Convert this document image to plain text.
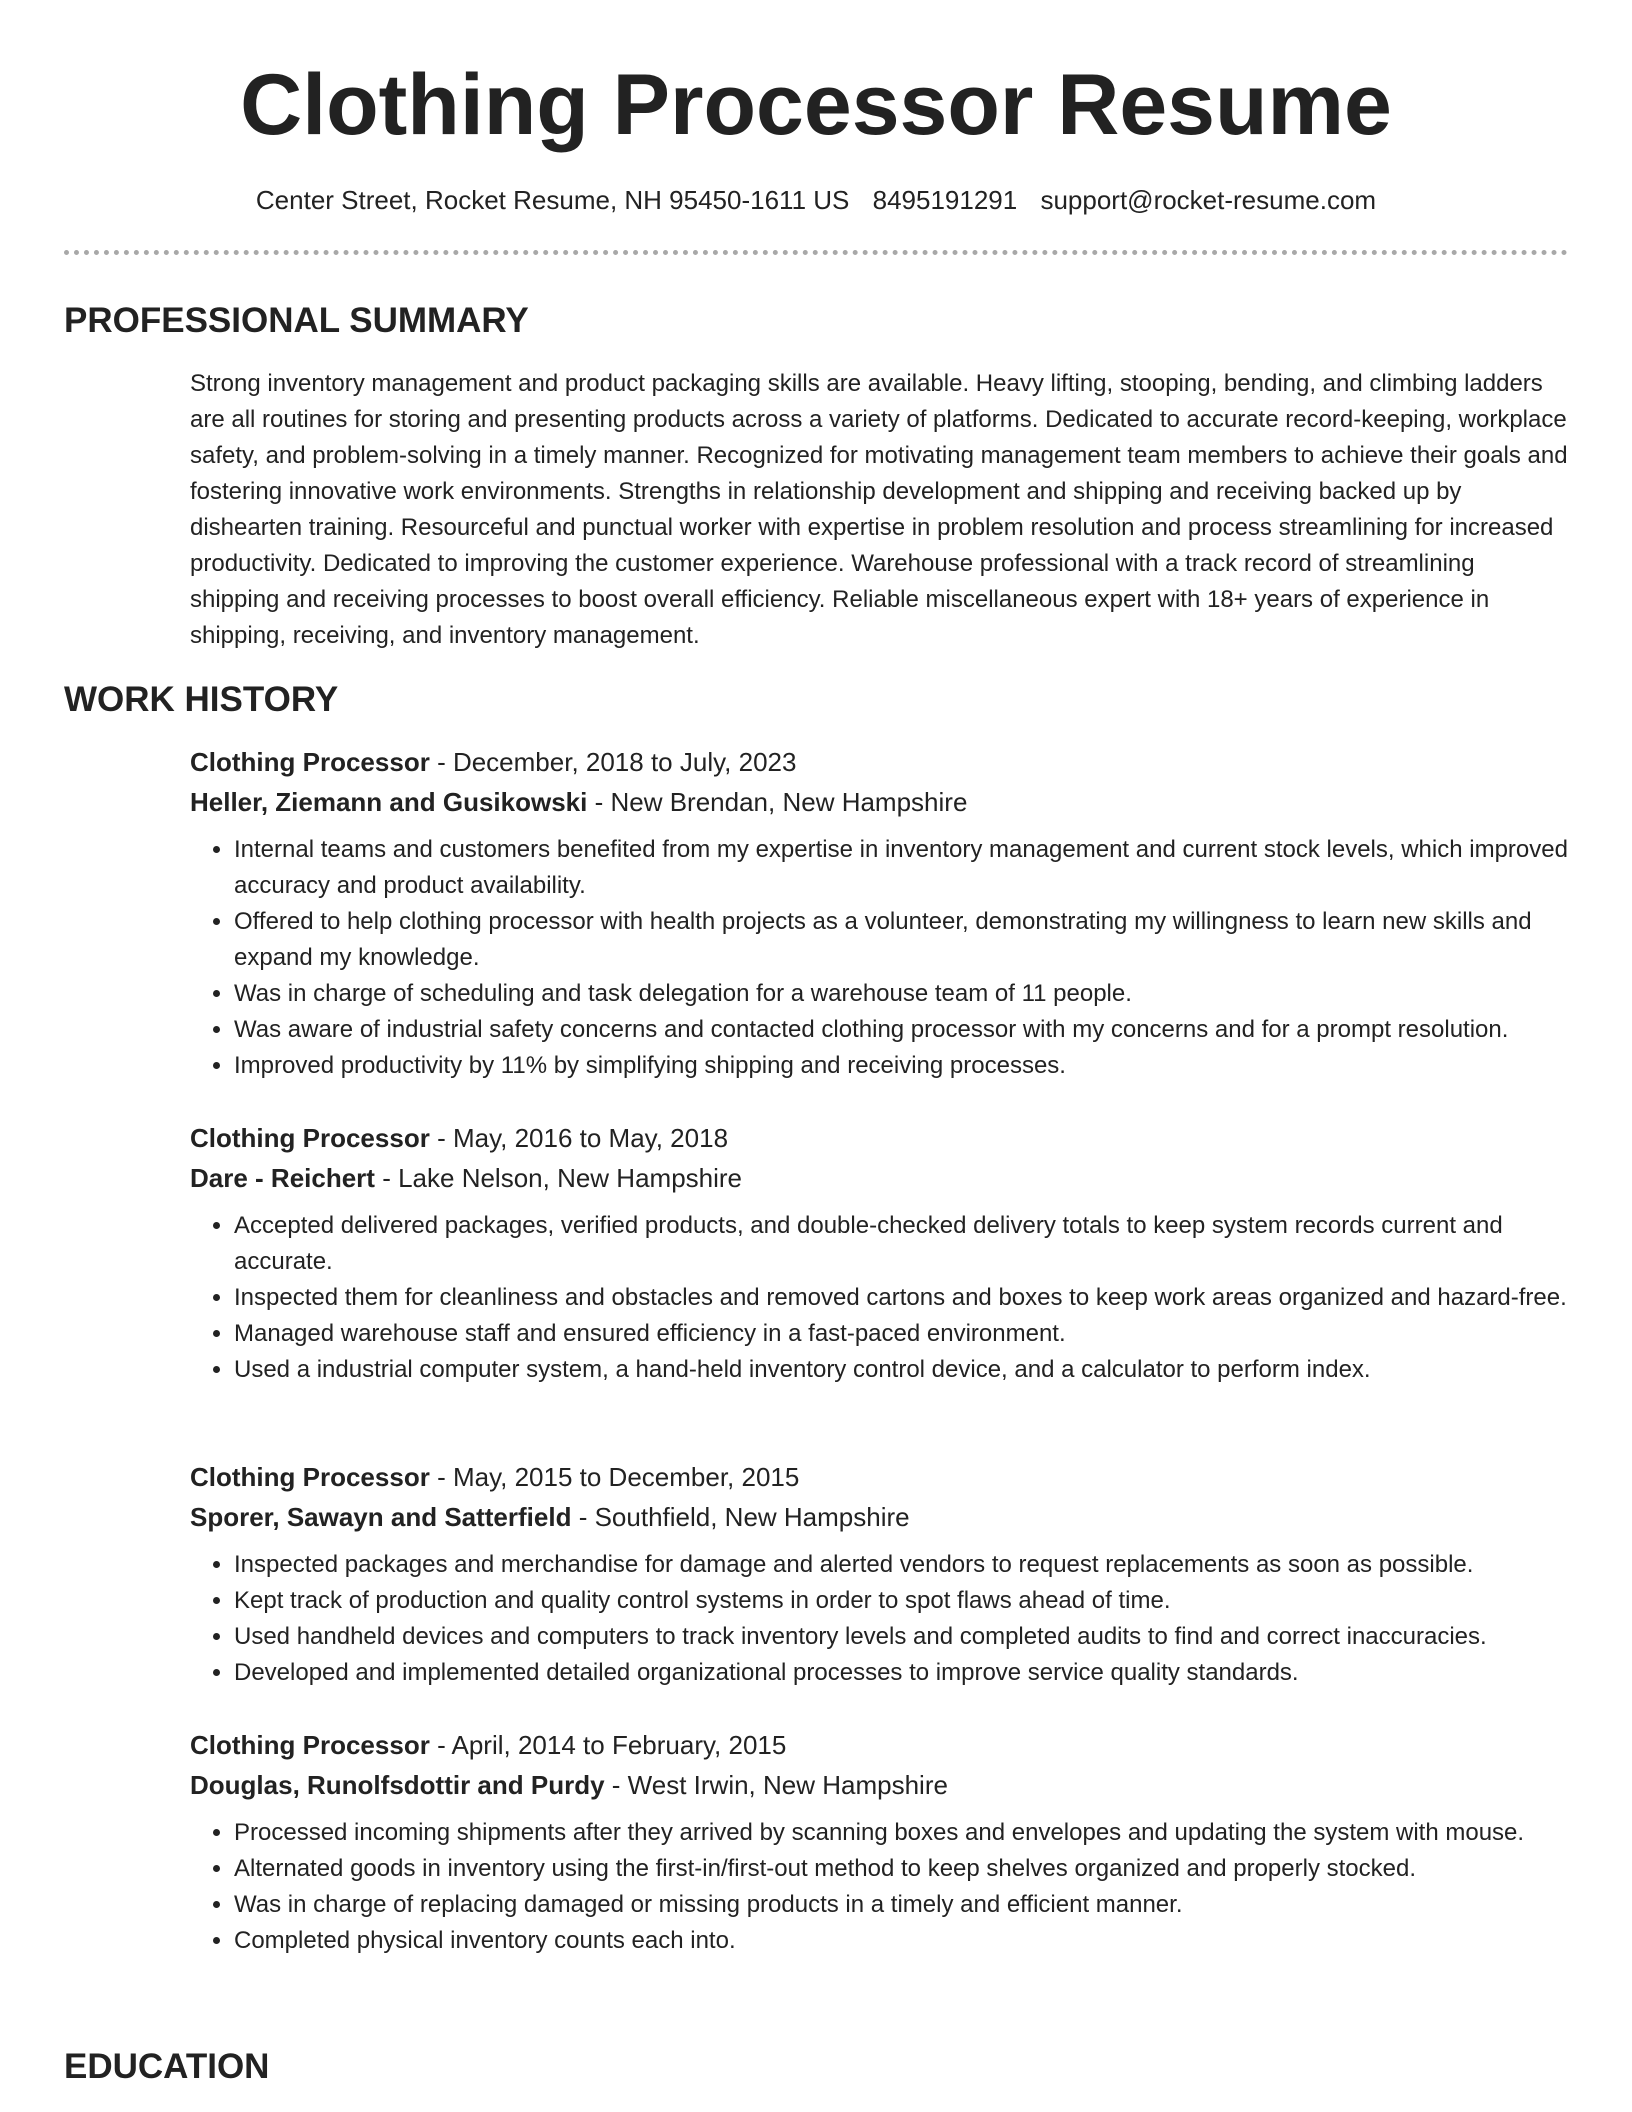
Clothing Processor Resume
Center Street, Rocket Resume, NH 95450-1611 US 8495191291 support@rocket-resume.com
PROFESSIONAL SUMMARY

Strong inventory management and product packaging skills are available. Heavy lifting, stooping, bending, and climbing ladders are all routines for storing and presenting products across a variety of platforms. Dedicated to accurate record-keeping, workplace safety, and problem-solving in a timely manner. Recognized for motivating management team members to achieve their goals and fostering innovative work environments. Strengths in relationship development and shipping and receiving backed up by dishearten training. Resourceful and punctual worker with expertise in problem resolution and process streamlining for increased productivity. Dedicated to improving the customer experience. Warehouse professional with a track record of streamlining shipping and receiving processes to boost overall efficiency. Reliable miscellaneous expert with 18+ years of experience in shipping, receiving, and inventory management.

WORK HISTORY
Clothing Processor - December, 2018 to July, 2023
Heller, Ziemann and Gusikowski - New Brendan, New Hampshire
• Internal teams and customers benefited from my expertise in inventory management and current stock levels, which improved accuracy and product availability.
• Offered to help clothing processor with health projects as a volunteer, demonstrating my willingness to learn new skills and expand my knowledge.
• Was in charge of scheduling and task delegation for a warehouse team of 11 people.
• Was aware of industrial safety concerns and contacted clothing processor with my concerns and for a prompt resolution.
• Improved productivity by 11% by simplifying shipping and receiving processes.
Clothing Processor - May, 2016 to May, 2018
Dare - Reichert - Lake Nelson, New Hampshire
• Accepted delivered packages, verified products, and double-checked delivery totals to keep system records current and accurate.
• Inspected them for cleanliness and obstacles and removed cartons and boxes to keep work areas organized and hazard-free.
• Managed warehouse staff and ensured efficiency in a fast-paced environment.
• Used a industrial computer system, a hand-held inventory control device, and a calculator to perform index.
Clothing Processor - May, 2015 to December, 2015
Sporer, Sawayn and Satterfield - Southfield, New Hampshire
• Inspected packages and merchandise for damage and alerted vendors to request replacements as soon as possible.
• Kept track of production and quality control systems in order to spot flaws ahead of time.
• Used handheld devices and computers to track inventory levels and completed audits to find and correct inaccuracies.
• Developed and implemented detailed organizational processes to improve service quality standards.
Clothing Processor - April, 2014 to February, 2015
Douglas, Runolfsdottir and Purdy - West Irwin, New Hampshire
• Processed incoming shipments after they arrived by scanning boxes and envelopes and updating the system with mouse.
• Alternated goods in inventory using the first-in/first-out method to keep shelves organized and properly stocked.
• Was in charge of replacing damaged or missing products in a timely and efficient manner.
• Completed physical inventory counts each into.
EDUCATION
